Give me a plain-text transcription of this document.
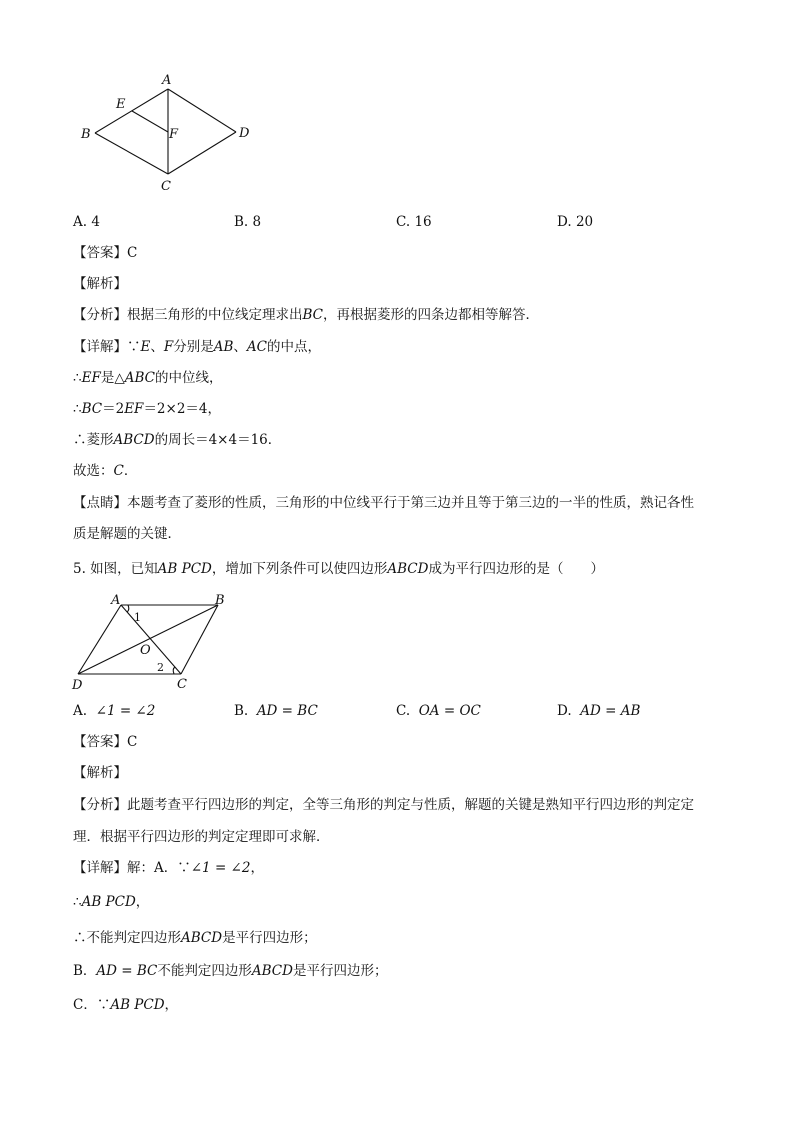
A
E
B	F	D
C
A. 4	B. 8	C. 16	D. 20
【答案】C
【解析】
【分析】根据三角形的中位线定理求出BC，再根据菱形的四条边都相等解答．
【详解】∵E、F分别是AB、AC的中点，
∴EF是△ABC的中位线，
∴BC＝2EF＝2×2＝4，
∴菱形ABCD的周长＝4×4＝16．
故选：C．
【点睛】本题考查了菱形的性质，三角形的中位线平行于第三边并且等于第三边的一半的性质，熟记各性
质是解题的关键．
5. 如图，已知AB PCD，增加下列条件可以使四边形ABCD成为平行四边形的是（　　）
A	B
1
O
2
D	C
A. ∠1 = ∠2	B. AD = BC	C. OA = OC	D. AD = AB
【答案】C
【解析】
【分析】此题考查平行四边形的判定，全等三角形的判定与性质，解题的关键是熟知平行四边形的判定定
理．根据平行四边形的判定定理即可求解．
【详解】解：A．∵∠1 = ∠2，
∴AB PCD，
∴不能判定四边形ABCD是平行四边形；
B．AD = BC不能判定四边形ABCD是平行四边形；
C．∵AB PCD，
